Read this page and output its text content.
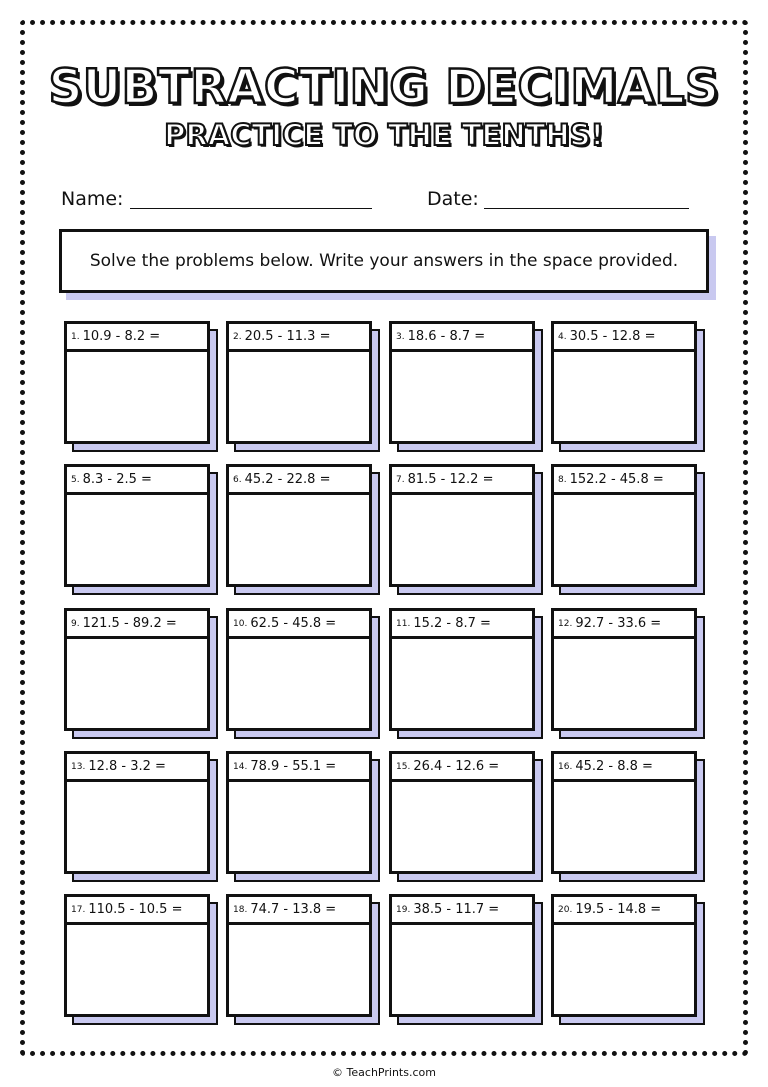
SUBTRACTING DECIMALS
PRACTICE TO THE TENTHS!
Name:	Date:
Solve the problems below. Write your answers in the space provided.
1. 10.9 - 8.2 =	2. 20.5 - 11.3 =	3. 18.6 - 8.7 =	4. 30.5 - 12.8 =
5. 8.3 - 2.5 =	6. 45.2 - 22.8 =	7. 81.5 - 12.2 =	8. 152.2 - 45.8 =
9. 121.5 - 89.2 =	10. 62.5 - 45.8 =	11. 15.2 - 8.7 =	12. 92.7 - 33.6 =
13. 12.8 - 3.2 =	14. 78.9 - 55.1 =	15. 26.4 - 12.6 =	16. 45.2 - 8.8 =
17. 110.5 - 10.5 =	18. 74.7 - 13.8 =	19. 38.5 - 11.7 =	20. 19.5 - 14.8 =
© TeachPrints.com
